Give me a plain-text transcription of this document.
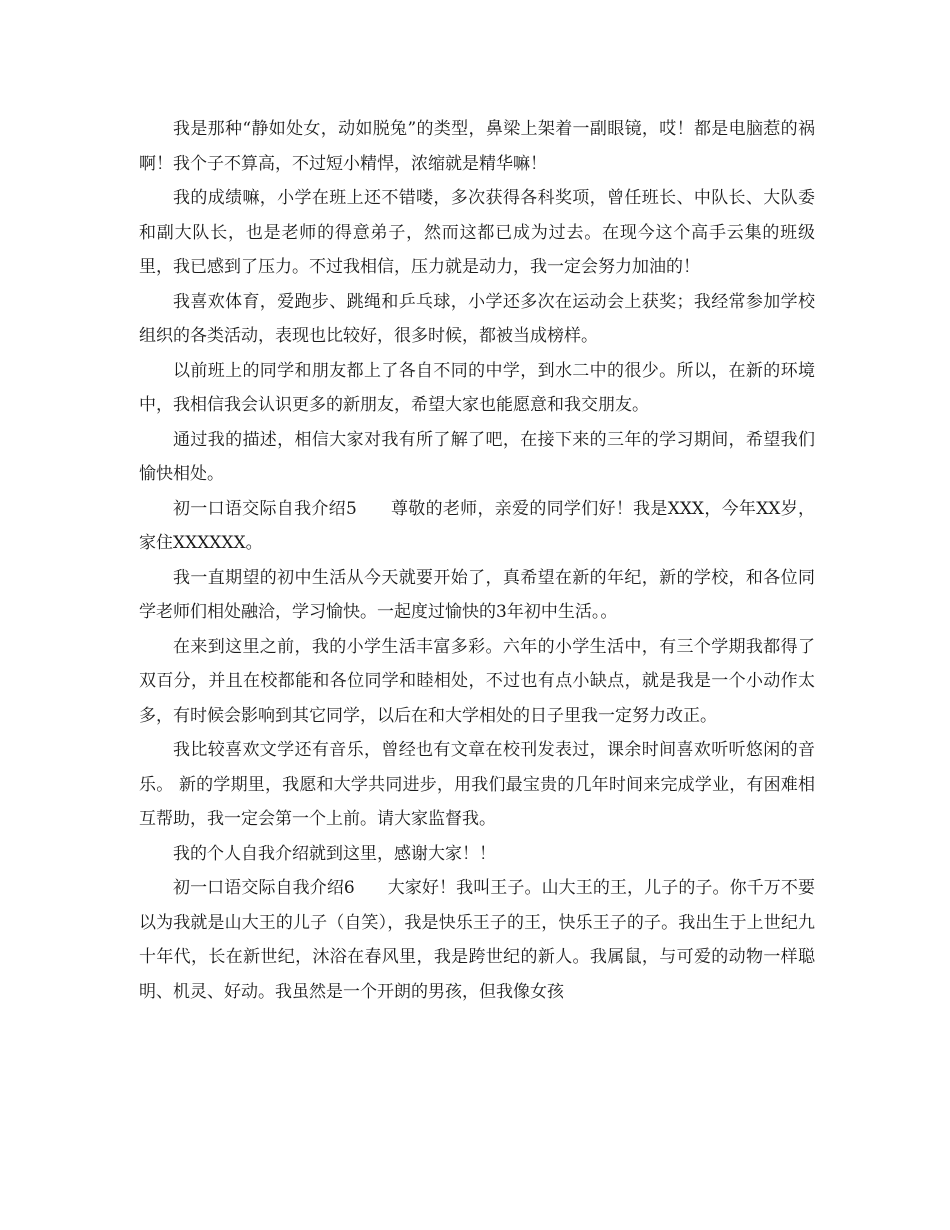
我是那种“静如处女，动如脱兔”的类型，鼻梁上架着一副眼镜，哎！都是电脑惹的祸啊！我个子不算高，不过短小精悍，浓缩就是精华嘛！

我的成绩嘛，小学在班上还不错喽，多次获得各科奖项，曾任班长、中队长、大队委和副大队长，也是老师的得意弟子，然而这都已成为过去。在现今这个高手云集的班级里，我已感到了压力。不过我相信，压力就是动力，我一定会努力加油的！

我喜欢体育，爱跑步、跳绳和乒乓球，小学还多次在运动会上获奖；我经常参加学校组织的各类活动，表现也比较好，很多时候，都被当成榜样。

以前班上的同学和朋友都上了各自不同的中学，到水二中的很少。所以，在新的环境中，我相信我会认识更多的新朋友，希望大家也能愿意和我交朋友。

通过我的描述，相信大家对我有所了解了吧，在接下来的三年的学习期间，希望我们愉快相处。

初一口语交际自我介绍5      尊敬的老师，亲爱的同学们好！我是XXX，今年XX岁，家住XXXXXX。

我一直期望的初中生活从今天就要开始了，真希望在新的年纪，新的学校，和各位同学老师们相处融洽，学习愉快。一起度过愉快的3年初中生活。。

在来到这里之前，我的小学生活丰富多彩。六年的小学生活中，有三个学期我都得了双百分，并且在校都能和各位同学和睦相处，不过也有点小缺点，就是我是一个小动作太多，有时候会影响到其它同学，以后在和大学相处的日子里我一定努力改正。

我比较喜欢文学还有音乐，曾经也有文章在校刊发表过，课余时间喜欢听听悠闲的音乐。 新的学期里，我愿和大学共同进步，用我们最宝贵的几年时间来完成学业，有困难相互帮助，我一定会第一个上前。请大家监督我。

我的个人自我介绍就到这里，感谢大家！！

初一口语交际自我介绍6      大家好！我叫王子。山大王的王，儿子的子。你千万不要以为我就是山大王的儿子（自笑），我是快乐王子的王，快乐王子的子。我出生于上世纪九十年代，长在新世纪，沐浴在春风里，我是跨世纪的新人。我属鼠，与可爱的动物一样聪明、机灵、好动。我虽然是一个开朗的男孩，但我像女孩
